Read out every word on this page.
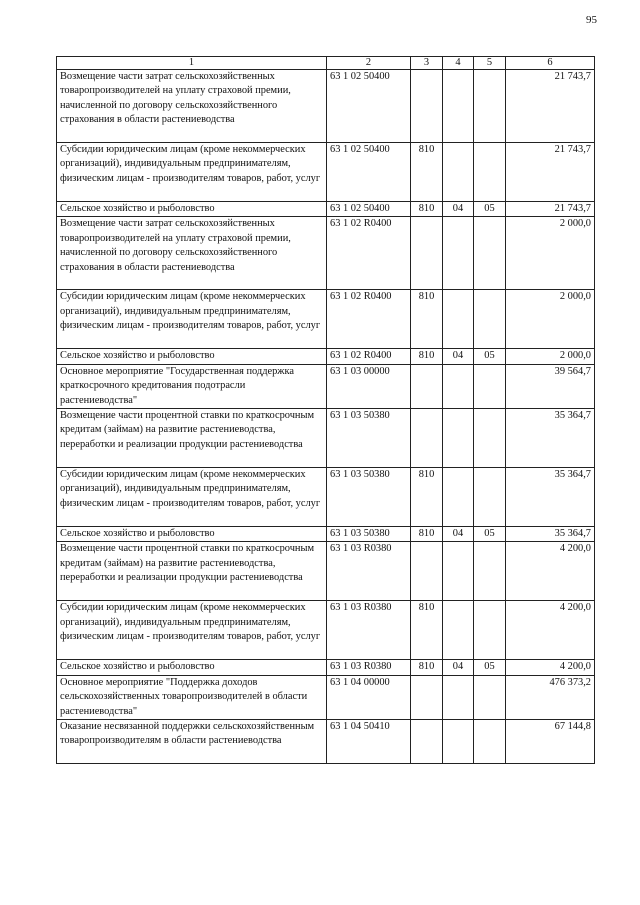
95
1	2	3	4	5	6
Возмещение части затрат сельскохозяйственных товаропроизводителей на уплату страховой премии, начисленной по договору сельскохозяйственного страхования в области растениеводства	63 1 02 50400				21 743,7
Субсидии юридическим лицам (кроме некоммерческих организаций), индивидуальным предпринимателям, физическим лицам - производителям товаров, работ, услуг	63 1 02 50400	810			21 743,7
Сельское хозяйство и рыболовство	63 1 02 50400	810	04	05	21 743,7
Возмещение части затрат сельскохозяйственных товаропроизводителей на уплату страховой премии, начисленной по договору сельскохозяйственного страхования в области растениеводства	63 1 02 R0400				2 000,0
Субсидии юридическим лицам (кроме некоммерческих организаций), индивидуальным предпринимателям, физическим лицам - производителям товаров, работ, услуг	63 1 02 R0400	810			2 000,0
Сельское хозяйство и рыболовство	63 1 02 R0400	810	04	05	2 000,0
Основное мероприятие "Государственная поддержка краткосрочного кредитования подотрасли растениеводства"	63 1 03 00000				39 564,7
Возмещение части процентной ставки по краткосрочным кредитам (займам) на развитие растениеводства, переработки и реализации продукции растениеводства	63 1 03 50380				35 364,7
Субсидии юридическим лицам (кроме некоммерческих организаций), индивидуальным предпринимателям, физическим лицам - производителям товаров, работ, услуг	63 1 03 50380	810			35 364,7
Сельское хозяйство и рыболовство	63 1 03 50380	810	04	05	35 364,7
Возмещение части процентной ставки по краткосрочным кредитам (займам) на развитие растениеводства, переработки и реализации продукции растениеводства	63 1 03 R0380				4 200,0
Субсидии юридическим лицам (кроме некоммерческих организаций), индивидуальным предпринимателям, физическим лицам - производителям товаров, работ, услуг	63 1 03 R0380	810			4 200,0
Сельское хозяйство и рыболовство	63 1 03 R0380	810	04	05	4 200,0
Основное мероприятие "Поддержка доходов сельскохозяйственных товаропроизводителей в области растениеводства"	63 1 04 00000				476 373,2
Оказание несвязанной поддержки сельскохозяйственным товаропроизводителям в области растениеводства	63 1 04 50410				67 144,8
